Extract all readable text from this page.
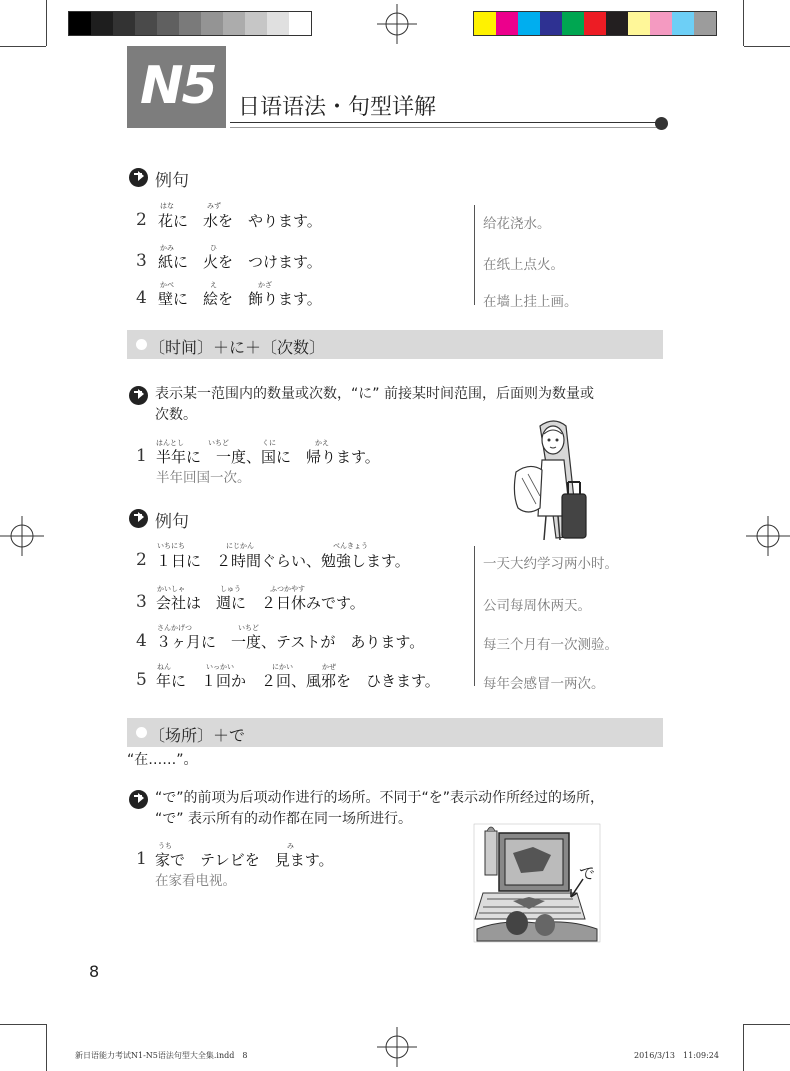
N5 日语语法・句型详解
例句
はな	みず
2 花に　水を　やります。	给花浇水。
かみ	ひ
3 紙に　火を　つけます。	在纸上点火。
かべ	え	かざ
4 壁に　絵を　飾ります。	在墙上挂上画。
〔时间〕＋に＋〔次数〕
表示某一范围内的数量或次数，“に” 前接某时间范围，后面则为数量或
次数。
はんとし	いちど	くに	かえ
1 半年に　一度、国に　帰ります。
半年回国一次。
例句
いちにち	にじかん	べんきょう
2 １日に　２時間ぐらい、勉強します。	一天大约学习两小时。
かいしゃ	しゅう	ふつかやす
3 会社は　週に　２日休みです。	公司每周休两天。
さんかげつ	いちど
4 ３ヶ月に　一度、テストが　あります。	每三个月有一次测验。
ねん	いっかい	にかい	かぜ
5 年に　１回か　２回、風邪を　ひきます。	每年会感冒一两次。
〔场所〕＋で
“在……”。
“で”的前项为后项动作进行的场所。不同于“を”表示动作所经过的场所，
“で” 表示所有的动作都在同一场所进行。
うち	み
1 家で　テレビを　見ます。
在家看电视。	で
8
新日语能力考试N1-N5语法句型大全集.indd　8	2016/3/13　11:09:24
